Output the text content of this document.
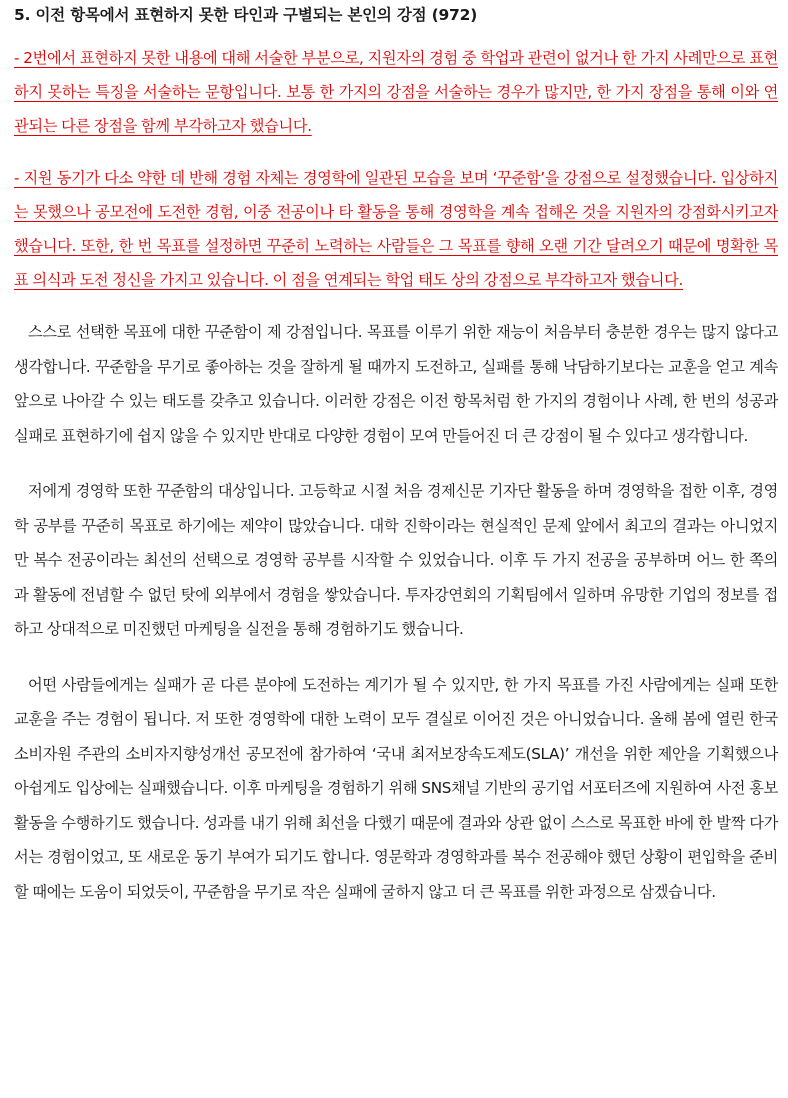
5. 이전 항목에서 표현하지 못한 타인과 구별되는 본인의 강점 (972)

- 2번에서 표현하지 못한 내용에 대해 서술한 부분으로, 지원자의 경험 중 학업과 관련이 없거나 한 가지 사례만으로 표현하지 못하는 특징을 서술하는 문항입니다. 보통 한 가지의 강점을 서술하는 경우가 많지만, 한 가지 장점을 통해 이와 연관되는 다른 장점을 함께 부각하고자 했습니다.

- 지원 동기가 다소 약한 데 반해 경험 자체는 경영학에 일관된 모습을 보며 ‘꾸준함’을 강점으로 설정했습니다. 입상하지는 못했으나 공모전에 도전한 경험, 이중 전공이나 타 활동을 통해 경영학을 계속 접해온 것을 지원자의 강점화시키고자 했습니다. 또한, 한 번 목표를 설정하면 꾸준히 노력하는 사람들은 그 목표를 향해 오랜 기간 달려오기 때문에 명확한 목표 의식과 도전 정신을 가지고 있습니다. 이 점을 연계되는 학업 태도 상의 강점으로 부각하고자 했습니다.

스스로 선택한 목표에 대한 꾸준함이 제 강점입니다. 목표를 이루기 위한 재능이 처음부터 충분한 경우는 많지 않다고 생각합니다. 꾸준함을 무기로 좋아하는 것을 잘하게 될 때까지 도전하고, 실패를 통해 낙담하기보다는 교훈을 얻고 계속 앞으로 나아갈 수 있는 태도를 갖추고 있습니다. 이러한 강점은 이전 항목처럼 한 가지의 경험이나 사례, 한 번의 성공과 실패로 표현하기에 쉽지 않을 수 있지만 반대로 다양한 경험이 모여 만들어진 더 큰 강점이 될 수 있다고 생각합니다.

저에게 경영학 또한 꾸준함의 대상입니다. 고등학교 시절 처음 경제신문 기자단 활동을 하며 경영학을 접한 이후, 경영학 공부를 꾸준히 목표로 하기에는 제약이 많았습니다. 대학 진학이라는 현실적인 문제 앞에서 최고의 결과는 아니었지만 복수 전공이라는 최선의 선택으로 경영학 공부를 시작할 수 있었습니다. 이후 두 가지 전공을 공부하며 어느 한 쪽의 과 활동에 전념할 수 없던 탓에 외부에서 경험을 쌓았습니다. 투자강연회의 기획팀에서 일하며 유망한 기업의 정보를 접하고 상대적으로 미진했던 마케팅을 실전을 통해 경험하기도 했습니다.

어떤 사람들에게는 실패가 곧 다른 분야에 도전하는 계기가 될 수 있지만, 한 가지 목표를 가진 사람에게는 실패 또한 교훈을 주는 경험이 됩니다. 저 또한 경영학에 대한 노력이 모두 결실로 이어진 것은 아니었습니다. 올해 봄에 열린 한국소비자원 주관의 소비자지향성개선 공모전에 참가하여 ‘국내 최저보장속도제도(SLA)’ 개선을 위한 제안을 기획했으나 아쉽게도 입상에는 실패했습니다. 이후 마케팅을 경험하기 위해 SNS채널 기반의 공기업 서포터즈에 지원하여 사전 홍보 활동을 수행하기도 했습니다. 성과를 내기 위해 최선을 다했기 때문에 결과와 상관 없이 스스로 목표한 바에 한 발짝 다가서는 경험이었고, 또 새로운 동기 부여가 되기도 합니다. 영문학과 경영학과를 복수 전공해야 했던 상황이 편입학을 준비할 때에는 도움이 되었듯이, 꾸준함을 무기로 작은 실패에 굴하지 않고 더 큰 목표를 위한 과정으로 삼겠습니다.
